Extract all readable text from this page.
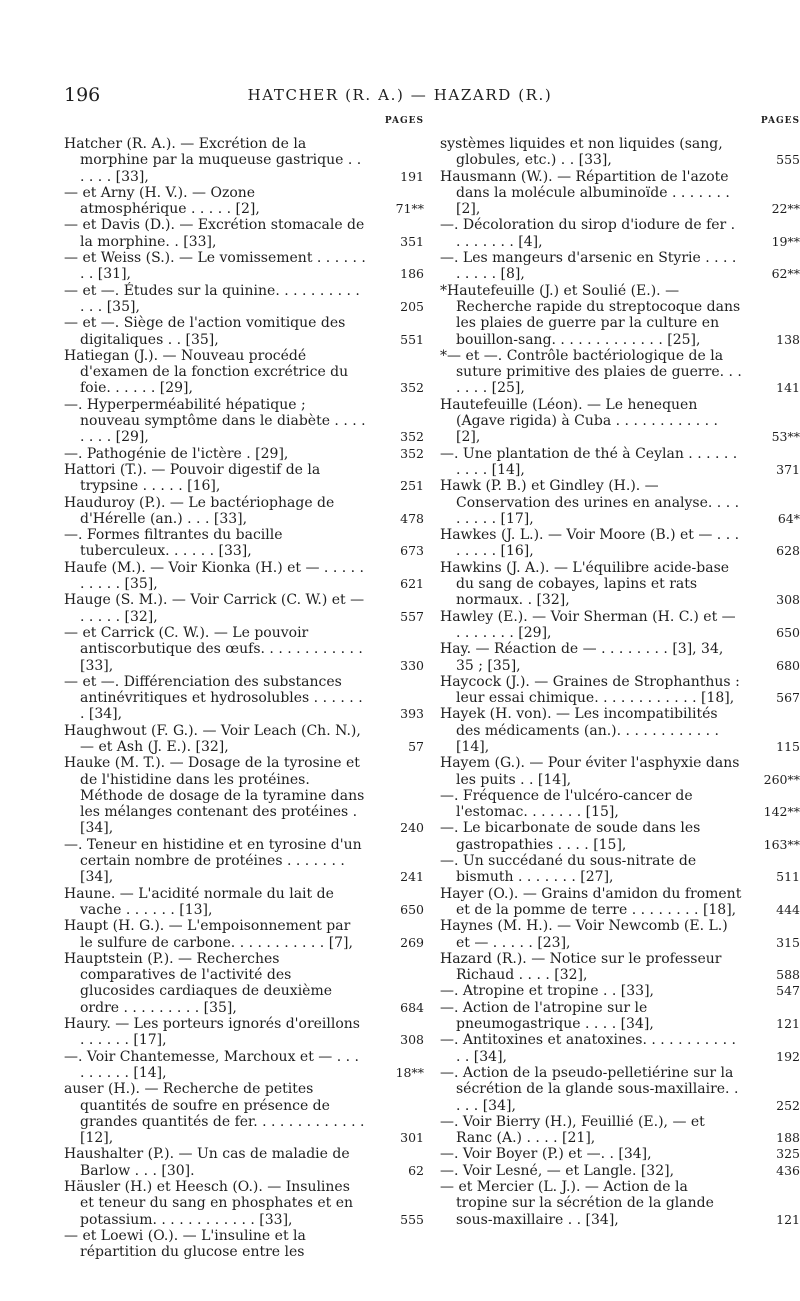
196	HATCHER (R. A.) — HAZARD (R.)
PAGES
Hatcher (R. A.). — Excrétion de la morphine par la muqueuse gastrique . . . . . . [33],	191
— et Arny (H. V.). — Ozone atmosphérique . . . . . [2],	71**
— et Davis (D.). — Excrétion stomacale de la morphine. . [33],	351
— et Weiss (S.). — Le vomissement . . . . . . . . [31],	186
— et —. Études sur la quinine. . . . . . . . . . . . . [35],	205
— et —. Siège de l'action vomitique des digitaliques . . [35],	551
Hatiegan (J.). — Nouveau procédé d'examen de la fonction excrétrice du foie. . . . . . [29],	352
—. Hyperperméabilité hépatique ; nouveau symptôme dans le diabète . . . . . . . . [29],	352
—. Pathogénie de l'ictère . [29],	352
Hattori (T.). — Pouvoir digestif de la trypsine . . . . . [16],	251
Hauduroy (P.). — Le bactériophage de d'Hérelle (an.) . . . [33],	478
—. Formes filtrantes du bacille tuberculeux. . . . . . [33],	673
Haufe (M.). — Voir Kionka (H.) et — . . . . . . . . . . [35],	621
Hauge (S. M.). — Voir Carrick (C. W.) et — . . . . . [32],	557
— et Carrick (C. W.). — Le pouvoir antiscorbutique des œufs. . . . . . . . . . . . [33],	330
— et —. Différenciation des substances antinévritiques et hydrosolubles . . . . . . . [34],	393
Haughwout (F. G.). — Voir Leach (Ch. N.), — et Ash (J. E.). [32],	57
Hauke (M. T.). — Dosage de la tyrosine et de l'histidine dans les protéines. Méthode de dosage de la tyramine dans les mélanges contenant des protéines . [34],	240
—. Teneur en histidine et en tyrosine d'un certain nombre de protéines . . . . . . . [34],	241
Haune. — L'acidité normale du lait de vache . . . . . . [13],	650
Haupt (H. G.). — L'empoisonnement par le sulfure de carbone. . . . . . . . . . . [7],	269
Hauptstein (P.). — Recherches comparatives de l'activité des glucosides cardiaques de deuxième ordre . . . . . . . . . [35],	684
Haury. — Les porteurs ignorés d'oreillons . . . . . . [17],	308
—. Voir Chantemesse, Marchoux et — . . . . . . . . . [14],	18**
auser (H.). — Recherche de petites quantités de soufre en présence de grandes quantités de fer. . . . . . . . . . . . . [12],	301
Haushalter (P.). — Un cas de maladie de Barlow . . . [30].	62
Häusler (H.) et Heesch (O.). — Insulines et teneur du sang en phosphates et en potassium. . . . . . . . . . . . [33],	555
— et Loewi (O.). — L'insuline et la répartition du glucose entre les
PAGES
systèmes liquides et non liquides (sang, globules, etc.) . . [33],	555
Hausmann (W.). — Répartition de l'azote dans la molécule albuminoïde . . . . . . . [2],	22**
—. Décoloration du sirop d'iodure de fer . . . . . . . . [4],	19**
—. Les mangeurs d'arsenic en Styrie . . . . . . . . . [8],	62**
*Hautefeuille (J.) et Soulié (E.). — Recherche rapide du streptocoque dans les plaies de guerre par la culture en bouillon-sang. . . . . . . . . . . . . [25],	138
*— et —. Contrôle bactériologique de la suture primitive des plaies de guerre. . . . . . . [25],	141
Hautefeuille (Léon). — Le henequen (Agave rigida) à Cuba . . . . . . . . . . . . [2],	53**
—. Une plantation de thé à Ceylan . . . . . . . . . . [14],	371
Hawk (P. B.) et Gindley (H.). — Conservation des urines en analyse. . . . . . . . . [17],	64*
Hawkes (J. L.). — Voir Moore (B.) et — . . . . . . . . [16],	628
Hawkins (J. A.). — L'équilibre acide-base du sang de cobayes, lapins et rats normaux. . [32],	308
Hawley (E.). — Voir Sherman (H. C.) et — . . . . . . . [29],	650
Hay. — Réaction de — . . . . . . . . [3], 34, 35 ; [35],	680
Haycock (J.). — Graines de Strophanthus : leur essai chimique. . . . . . . . . . . . [18],	567
Hayek (H. von). — Les incompatibilités des médicaments (an.). . . . . . . . . . . . [14],	115
Hayem (G.). — Pour éviter l'asphyxie dans les puits . . [14],	260**
—. Fréquence de l'ulcéro-cancer de l'estomac. . . . . . . [15],	142**
—. Le bicarbonate de soude dans les gastropathies . . . . [15],	163**
—. Un succédané du sous-nitrate de bismuth . . . . . . . [27],	511
Hayer (O.). — Grains d'amidon du froment et de la pomme de terre . . . . . . . . [18],	444
Haynes (M. H.). — Voir Newcomb (E. L.) et — . . . . . [23],	315
Hazard (R.). — Notice sur le professeur Richaud . . . . [32],	588
—. Atropine et tropine . . [33],	547
—. Action de l'atropine sur le pneumogastrique . . . . [34],	121
—. Antitoxines et anatoxines. . . . . . . . . . . . . [34],	192
—. Action de la pseudo-pelletiérine sur la sécrétion de la glande sous-maxillaire. . . . . [34],	252
—. Voir Bierry (H.), Feuillié (E.), — et Ranc (A.) . . . . [21],	188
—. Voir Boyer (P.) et —. . [34],	325
—. Voir Lesné, — et Langle. [32],	436
— et Mercier (L. J.). — Action de la tropine sur la sécrétion de la glande sous-maxillaire . . [34],	121
